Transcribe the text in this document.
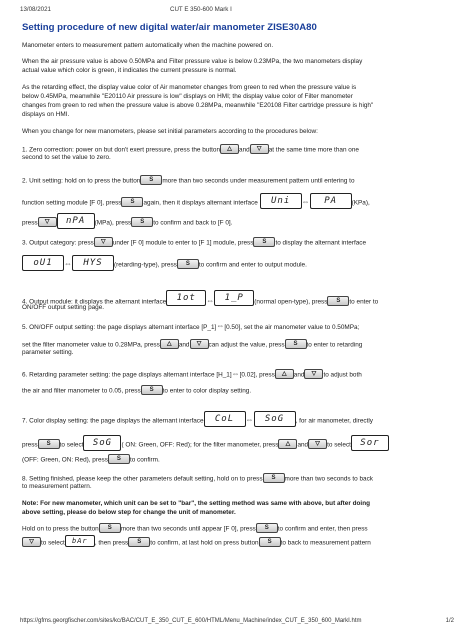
13/08/2021	CUT E 350-600 Mark I
Setting procedure of new digital water/air manometer ZISE30A80
Manometer enters to measurement pattern automatically when the machine powered on.
When the air pressure value is above 0.50MPa and Filter pressure value is below 0.23MPa, the two manometers display
actual value which color is green, it indicates the current pressure is normal.
As the retarding effect, the display value color of Air manometer changes from green to red when the pressure value is
below 0.45MPa, meanwhile "E20110 Air pressure is low" displays on HMI; the display value color of Filter manometer
changes from green to red when the pressure value is above 0.28MPa, meanwhile "E20108 Filter cartridge pressure is high"
displays on HMI.
When you change for new manometers, please set initial parameters according to the procedures below:
1. Zero correction: power on but don't exert pressure, press the button △ and ▽ at the same time more than one
second to set the value to zero.
2. Unit setting: hold on to press the button S more than two seconds under measurement pattern until entering to
function setting module [F 0], press S again, then it displays alternant interface Uni ⇔ PA (KPa),
press ▽ nPA (MPa), press S to confirm and back to [F 0].
3. Output category: press ▽ under [F 0] module to enter to [F 1] module, press S to display the alternant interface
oU1 ⇔ HYS (retarding-type), press S to confirm and enter to output module.
4. Output module: it displays the alternant interface 1ot ⇔ 1_P (normal open-type), press S to enter to
ON/OFF output setting page.
5. ON/OFF output setting: the page displays alternant interface [P_1]⇔[0.50], set the air manometer value to 0.50MPa;
set the filter manometer value to 0.28MPa, press △ and ▽ can adjust the value, press S to enter to retarding
parameter setting.
6. Retarding parameter setting: the page displays alternant interface [H_1]⇔[0.02], press △ and ▽ to adjust both
the air and filter manometer to 0.05, press S to enter to color display setting.
7. Color display setting: the page displays the alternant interface CoL ⇔ SoG , for air manometer, directly
press S to select SoG ( ON: Green, OFF: Red); for the filter manometer, press △ and ▽ to select Sor
(OFF: Green, ON: Red), press S to confirm.
8. Setting finished, please keep the other parameters default setting, hold on to press S more than two seconds to back
to measurement pattern.
Note: For new manometer, which unit can be set to "bar", the setting method was same with above, but after doing
above setting, please do below step for change the unit of manometer.
Hold on to press the button S more than two seconds until appear [F 0], press S to confirm and enter, then press
▽ to select bAr , then press S to confirm, at last hold on press button S to back to measurement pattern
https://gfms.georgfischer.com/sites/kc/BAC/CUT_E_350_CUT_E_600/HTML/Menu_Machine/index_CUT_E_350_600_MarkI.htm	1/2
